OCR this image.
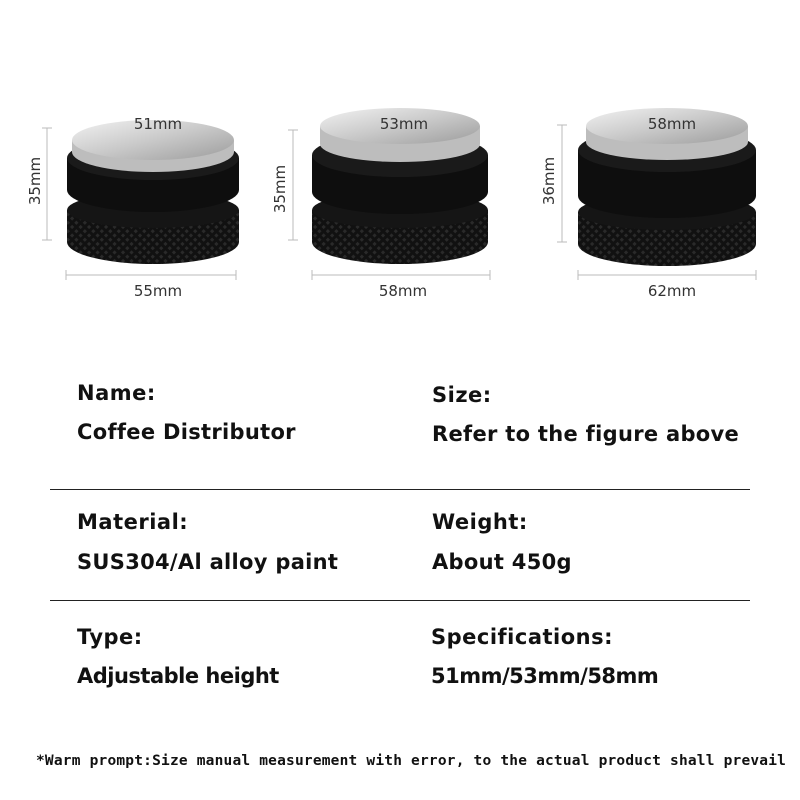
51mm
35mm
55mm
53mm
35mm
58mm
58mm
36mm
62mm
Name:
Coffee Distributor
Size:
Refer to the figure above
Material:
SUS304/Al alloy paint
Weight:
About 450g
Type:
Adjustable height
Specifications:
51mm/53mm/58mm
*Warm prompt:Size manual measurement with error, to the actual product shall prevail
